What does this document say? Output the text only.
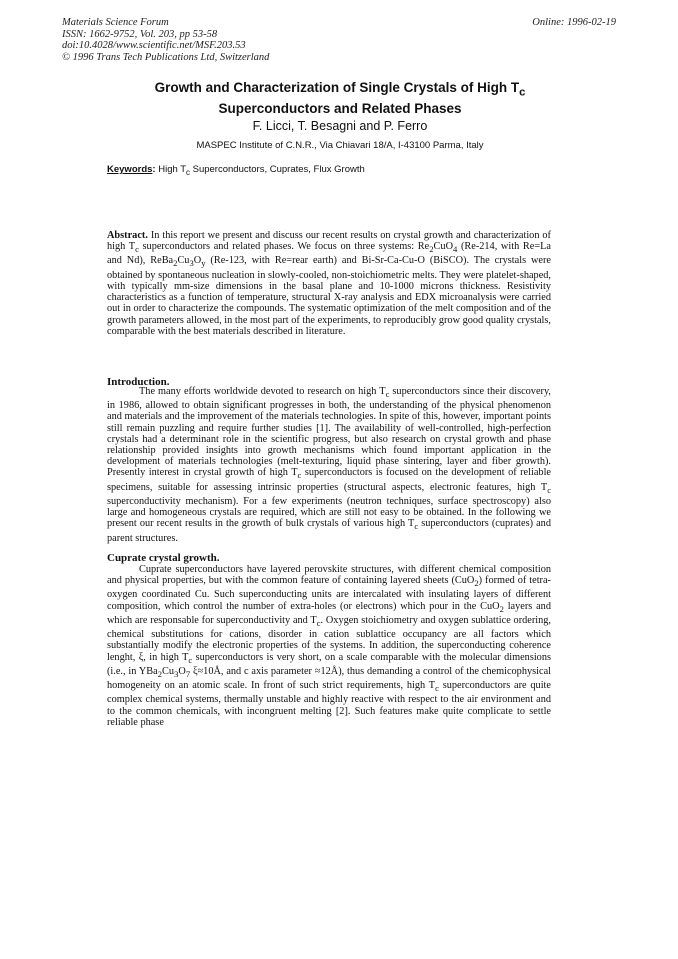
Materials Science Forum
ISSN: 1662-9752, Vol. 203, pp 53-58
doi:10.4028/www.scientific.net/MSF.203.53
© 1996 Trans Tech Publications Ltd, Switzerland
Online: 1996-02-19
Growth and Characterization of Single Crystals of High $T_c$
Superconductors and Related Phases
F. Licci, T. Besagni and P. Ferro
MASPEC Institute of C.N.R., Via Chiavari 18/A, I-43100 Parma, Italy
Keywords: High $T_c$ Superconductors, Cuprates, Flux Growth

Abstract. In this report we present and discuss our recent results on crystal growth and characterization of high $T_c$ superconductors and related phases. We focus on three systems: $Re_2CuO_4$ (Re-214, with Re=La and Nd), $ReBa_2Cu_3O_y$ (Re-123, with Re=rear earth) and Bi-Sr-Ca-Cu-O (BiSCO). The crystals were obtained by spontaneous nucleation in slowly-cooled, non-stoichiometric melts. They were platelet-shaped, with typically mm-size dimensions in the basal plane and 10-1000 microns thickness. Resistivity characteristics as a function of temperature, structural X-ray analysis and EDX microanalysis were carried out in order to characterize the compounds. The systematic optimization of the melt composition and of the growth parameters allowed, in the most part of the experiments, to reproducibly grow good quality crystals, comparable with the best materials described in literature.

Introduction.

The many efforts worldwide devoted to research on high $T_c$ superconductors since their discovery, in 1986, allowed to obtain significant progresses in both, the understanding of the physical phenomenon and materials and the improvement of the materials technologies. In spite of this, however, important points still remain puzzling and require further studies [1]. The availability of well-controlled, high-perfection crystals had a determinant role in the scientific progress, but also research on crystal growth and phase relationship provided insights into growth mechanisms which found important application in the development of materials technologies (melt-texturing, liquid phase sintering, layer and fiber growth). Presently interest in crystal growth of high $T_c$ superconductors is focused on the development of reliable specimens, suitable for assessing intrinsic properties (structural aspects, electronic features, high $T_c$ superconductivity mechanism). For a few experiments (neutron techniques, surface spectroscopy) also large and homogeneous crystals are required, which are still not easy to be obtained. In the following we present our recent results in the growth of bulk crystals of various high $T_c$ superconductors (cuprates) and parent structures.

Cuprate crystal growth.

Cuprate superconductors have layered perovskite structures, with different chemical composition and physical properties, but with the common feature of containing layered sheets (CuO$_2$) formed of tetra-oxygen coordinated Cu. Such superconducting units are intercalated with insulating layers of different composition, which control the number of extra-holes (or electrons) which pour in the CuO$_2$ layers and which are responsable for superconductivity and $T_c$. Oxygen stoichiometry and oxygen sublattice ordering, chemical substitutions for cations, disorder in cation sublattice occupancy are all factors which substantially modify the electronic properties of the systems. In addition, the superconducting coherence lenght, ξ, in high $T_c$ superconductors is very short, on a scale comparable with the molecular dimensions (i.e., in $YBa_2Cu_3O_7$ ξ≈10Å, and c axis parameter ≈12Å), thus demanding a control of the chemicophysical homogeneity on an atomic scale. In front of such strict requirements, high $T_c$ superconductors are quite complex chemical systems, thermally unstable and highly reactive with respect to the air environment and to the common chemicals, with incongruent melting [2]. Such features make quite complicate to settle reliable phase
